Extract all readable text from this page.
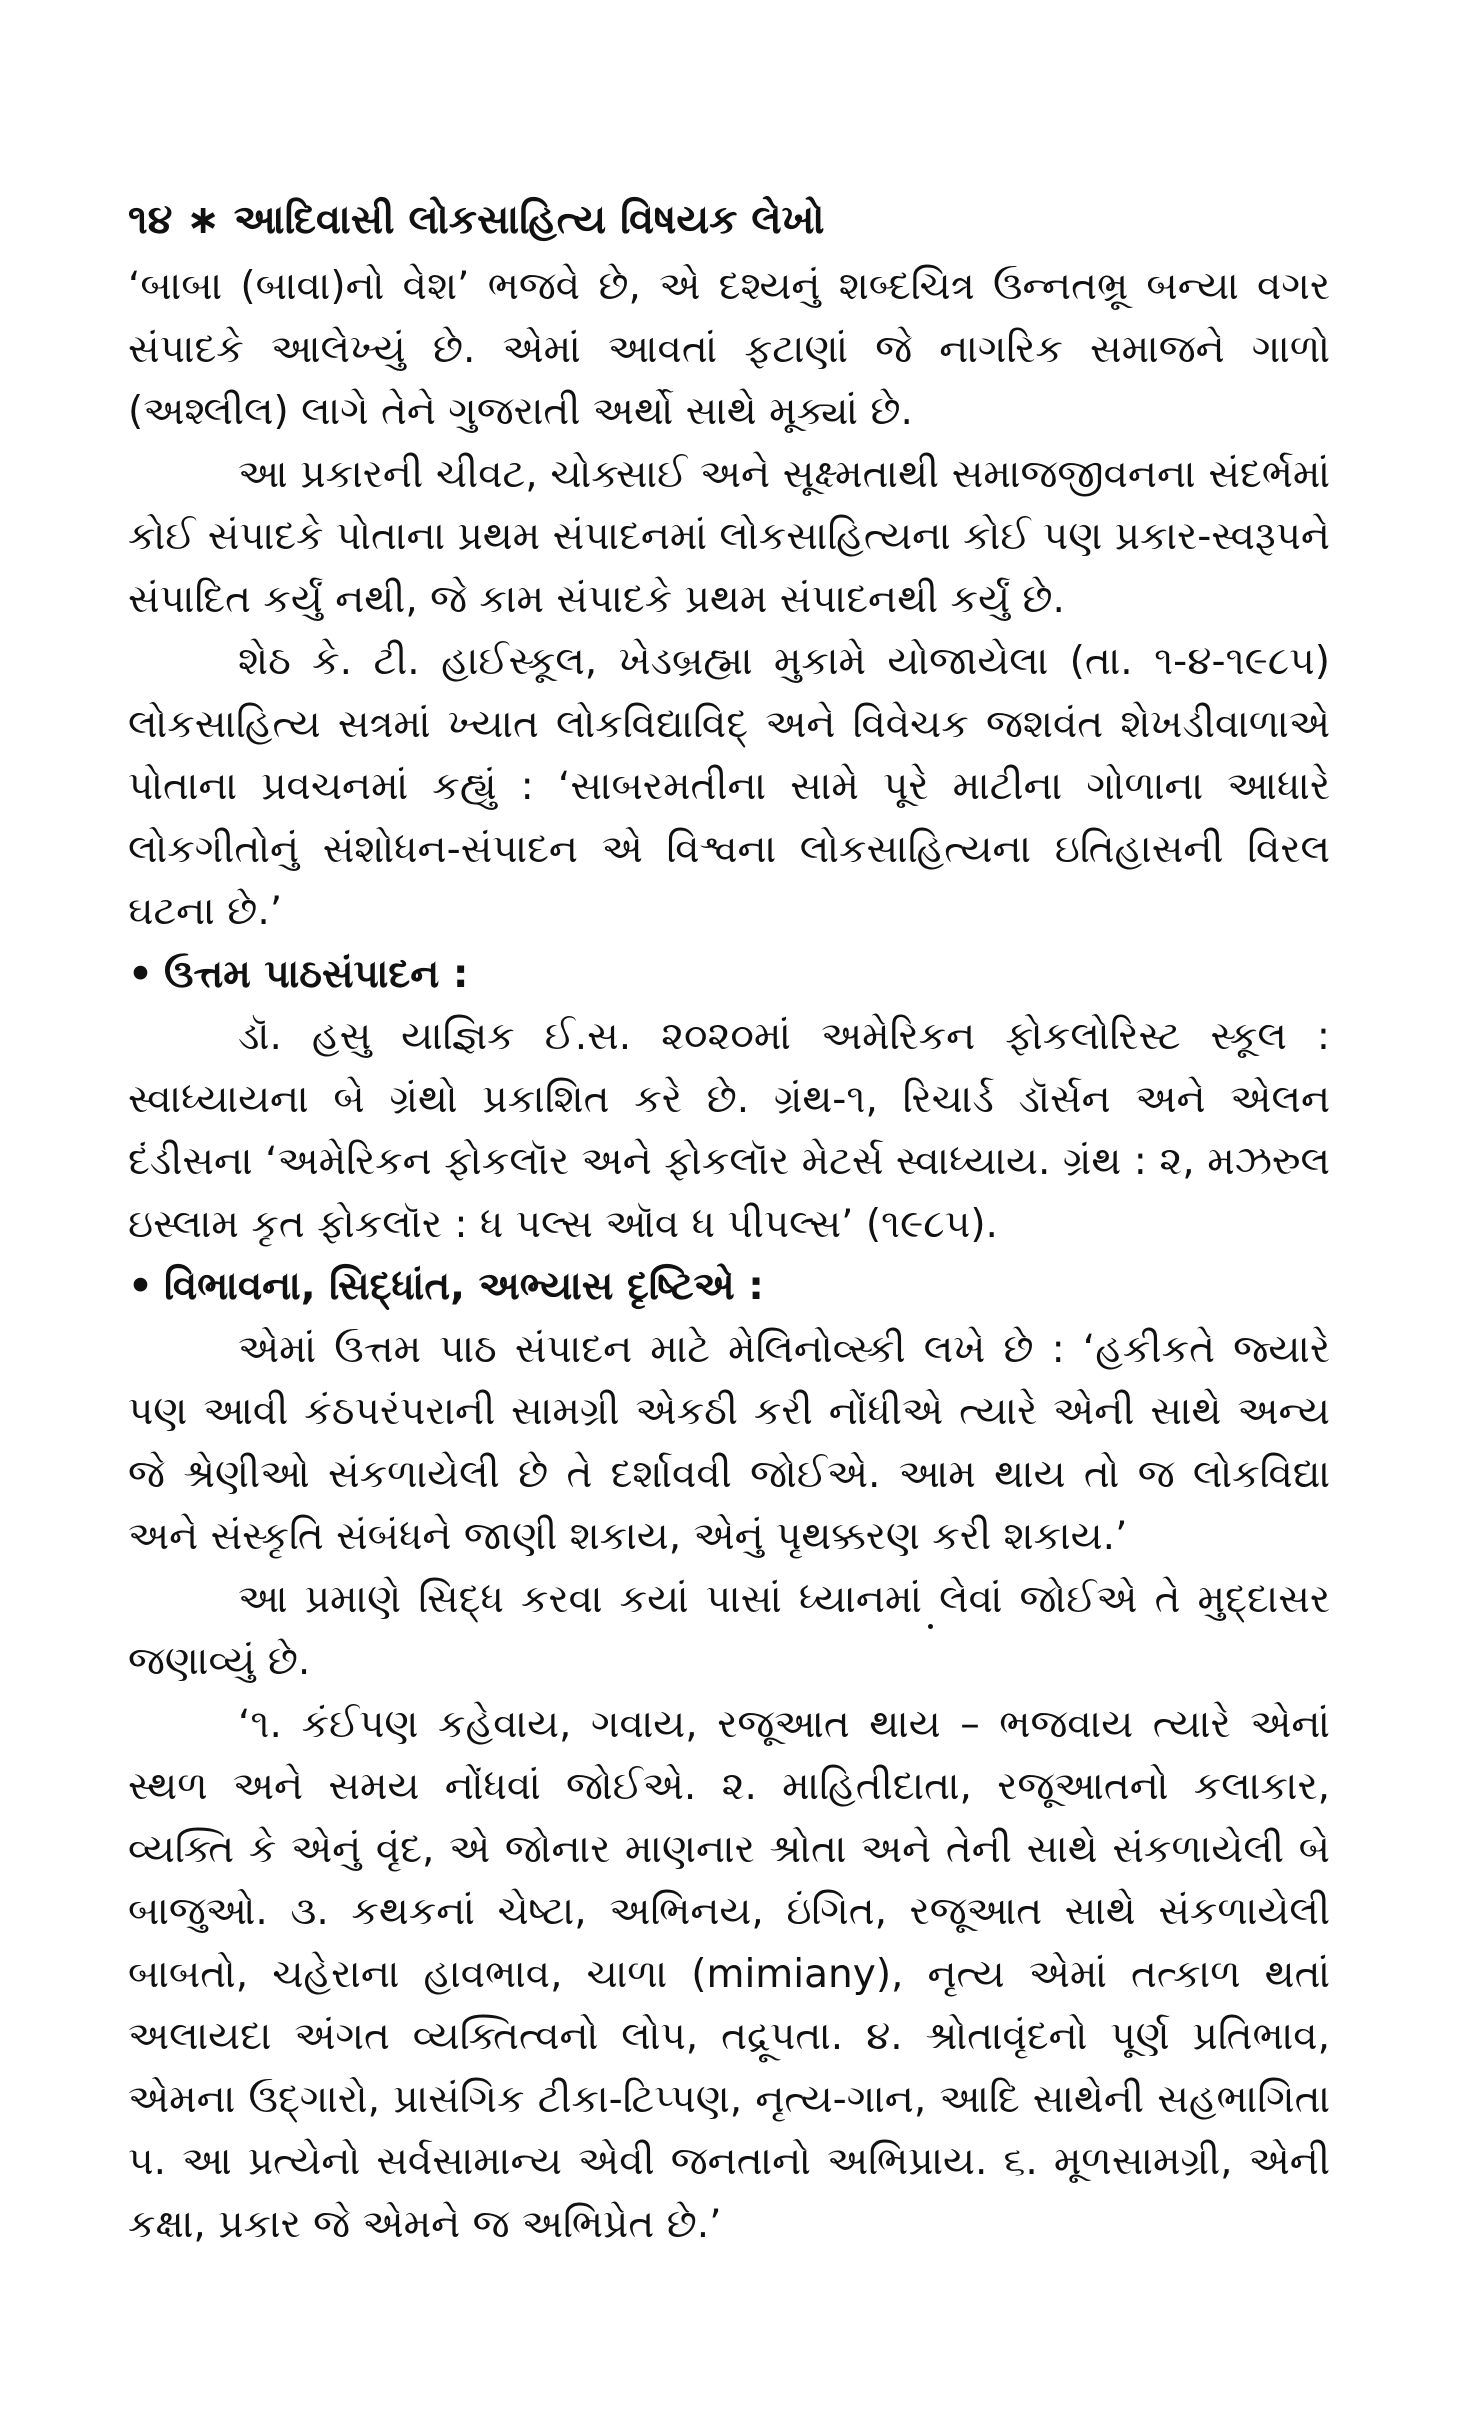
૧૪ ∗ આદિવાસી લોકસાહિત્ય વિષયક લેખો

‘બાબા (બાવા)નો વેશ’ ભજવે છે, એ દશ્યનું શબ્દચિત્ર ઉન્નતભ્રૂ બન્યા વગર સંપાદકે આલેખ્યું છે. એમાં આવતાં ફટાણાં જે નાગરિક સમાજને ગાળો (અશ્લીલ) લાગે તેને ગુજરાતી અર્થો સાથે મૂક્યાં છે.

આ પ્રકારની ચીવટ, ચોક્સાઈ અને સૂક્ષ્મતાથી સમાજજીવનના સંદર્ભમાં કોઈ સંપાદકે પોતાના પ્રથમ સંપાદનમાં લોકસાહિત્યના કોઈ પણ પ્રકાર-સ્વરૂપને સંપાદિત કર્યું નથી, જે કામ સંપાદકે પ્રથમ સંપાદનથી કર્યું છે.

શેઠ કે. ટી. હાઈસ્કૂલ, ખેડબ્રહ્મા મુકામે યોજાયેલા (તા. ૧-૪-૧૯૮૫) લોકસાહિત્ય સત્રમાં ખ્યાત લોકવિદ્યાવિદ્ અને વિવેચક જશવંત શેખડીવાળાએ પોતાના પ્રવચનમાં કહ્યું : ‘સાબરમતીના સામે પૂરે માટીના ગોળાના આધારે લોકગીતોનું સંશોધન-સંપાદન એ વિશ્વના લોકસાહિત્યના ઇતિહાસની વિરલ ઘટના છે.’

• ઉત્તમ પાઠસંપાદન :

ડૉ. હસુ યાજ્ઞિક ઈ.સ. ૨૦૨૦માં અમેરિકન ફોકલોરિસ્ટ સ્કૂલ : સ્વાધ્યાયના બે ગ્રંથો પ્રકાશિત કરે છે. ગ્રંથ-૧, રિચાર્ડ ડૉર્સન અને એલન દંડીસના ‘અમેરિકન ફોકલૉર અને ફોકલૉર મેટર્સ સ્વાધ્યાય. ગ્રંથ : ૨, મઝરુલ ઇસ્લામ કૃત ફોકલૉર : ધ પલ્સ ઑવ ધ પીપલ્સ’ (૧૯૮૫).

• વિભાવના, સિદ્ધાંત, અભ્યાસ દૃષ્ટિએ :

એમાં ઉત્તમ પાઠ સંપાદન માટે મેલિનોવ્સ્કી લખે છે : ‘હકીકતે જ્યારે પણ આવી કંઠપરંપરાની સામગ્રી એકઠી કરી નોંધીએ ત્યારે એની સાથે અન્ય જે શ્રેણીઓ સંકળાયેલી છે તે દર્શાવવી જોઈએ. આમ થાય તો જ લોકવિદ્યા અને સંસ્કૃતિ સંબંધને જાણી શકાય, એનું પૃથક્કરણ કરી શકાય.’

આ પ્રમાણે સિદ્ધ કરવા કયાં પાસાં ધ્યાનમાં લેવાં જોઈએ તે મુદ્દાસર જણાવ્યું છે.

‘૧. કંઈપણ કહેવાય, ગવાય, રજૂઆત થાય – ભજવાય ત્યારે એનાં સ્થળ અને સમય નોંધવાં જોઈએ. ૨. માહિતીદાતા, રજૂઆતનો કલાકાર, વ્યક્તિ કે એનું વૃંદ, એ જોનાર માણનાર શ્રોતા અને તેની સાથે સંકળાયેલી બે બાજુઓ. ૩. કથકનાં ચેષ્ટા, અભિનય, ઇંગિત, રજૂઆત સાથે સંકળાયેલી બાબતો, ચહેરાના હાવભાવ, ચાળા (mimiany), નૃત્ય એમાં તત્કાળ થતાં અલાયદા અંગત વ્યક્તિત્વનો લોપ, તદ્રૂપતા. ૪. શ્રોતાવૃંદનો પૂર્ણ પ્રતિભાવ, એમના ઉદ્ગારો, પ્રાસંગિક ટીકા-ટિપ્પણ, નૃત્ય-ગાન, આદિ સાથેની સહભાગિતા ૫. આ પ્રત્યેનો સર્વસામાન્ય એવી જનતાનો અભિપ્રાય. ૬. મૂળસામગ્રી, એની કક્ષા, પ્રકાર જે એમને જ અભિપ્રેત છે.’
